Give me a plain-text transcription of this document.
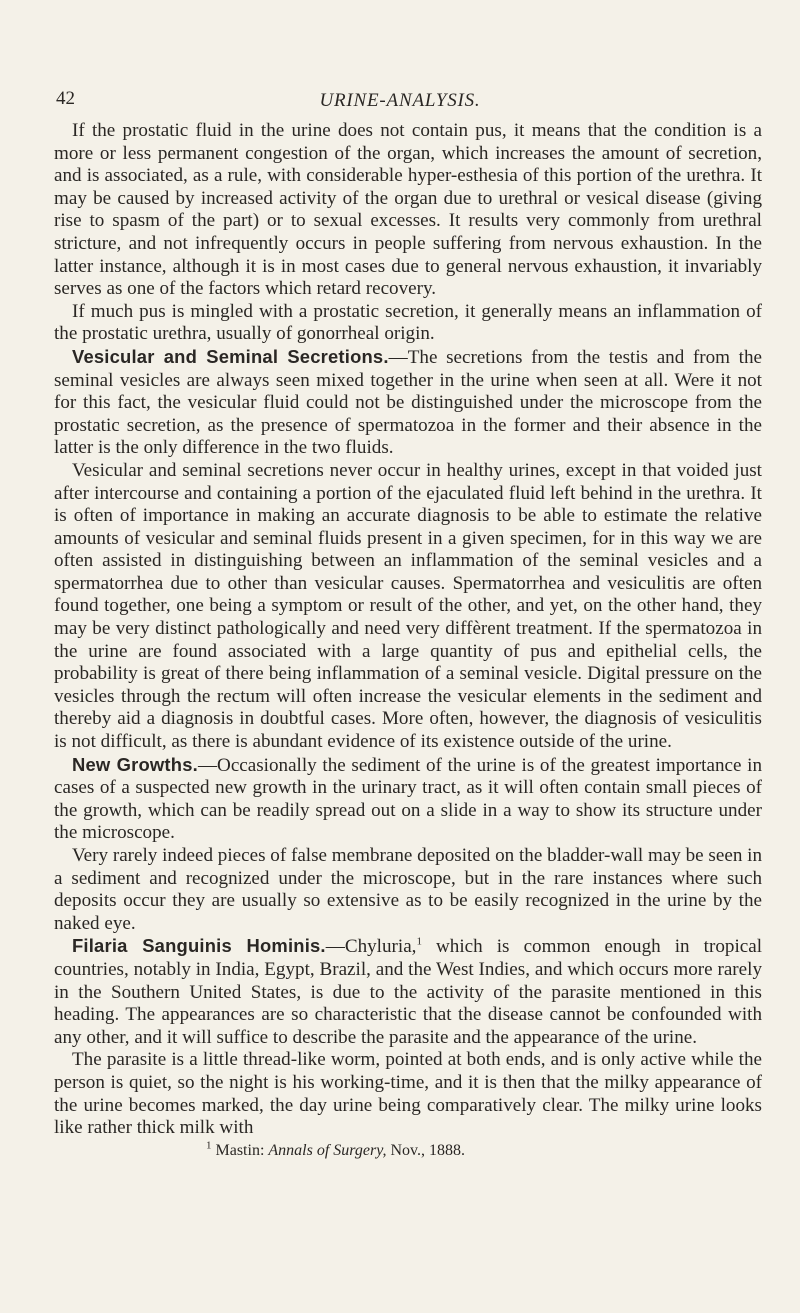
42	URINE-ANALYSIS.

If the prostatic fluid in the urine does not contain pus, it means that the condition is a more or less permanent congestion of the organ, which increases the amount of secretion, and is associated, as a rule, with considerable hyper-esthesia of this portion of the urethra. It may be caused by increased activity of the organ due to urethral or vesical disease (giving rise to spasm of the part) or to sexual excesses. It results very commonly from urethral stricture, and not infrequently occurs in people suffering from nervous exhaustion. In the latter instance, although it is in most cases due to general nervous exhaustion, it invariably serves as one of the factors which retard recovery.

If much pus is mingled with a prostatic secretion, it generally means an inflammation of the prostatic urethra, usually of gonorrheal origin.

Vesicular and Seminal Secretions.—The secretions from the testis and from the seminal vesicles are always seen mixed together in the urine when seen at all. Were it not for this fact, the vesicular fluid could not be distinguished under the microscope from the prostatic secretion, as the presence of spermatozoa in the former and their absence in the latter is the only difference in the two fluids.

Vesicular and seminal secretions never occur in healthy urines, except in that voided just after intercourse and containing a portion of the ejaculated fluid left behind in the urethra. It is often of importance in making an accurate diagnosis to be able to estimate the relative amounts of vesicular and seminal fluids present in a given specimen, for in this way we are often assisted in distinguishing between an inflammation of the seminal vesicles and a spermatorrhea due to other than vesicular causes. Spermatorrhea and vesiculitis are often found together, one being a symptom or result of the other, and yet, on the other hand, they may be very distinct pathologically and need very diffѐrent treatment. If the spermatozoa in the urine are found associated with a large quantity of pus and epithelial cells, the probability is great of there being inflammation of a seminal vesicle. Digital pressure on the vesicles through the rectum will often increase the vesicular elements in the sediment and thereby aid a diagnosis in doubtful cases. More often, however, the diagnosis of vesiculitis is not difficult, as there is abundant evidence of its existence outside of the urine.

New Growths.—Occasionally the sediment of the urine is of the greatest importance in cases of a suspected new growth in the urinary tract, as it will often contain small pieces of the growth, which can be readily spread out on a slide in a way to show its structure under the microscope.

Very rarely indeed pieces of false membrane deposited on the bladder-wall may be seen in a sediment and recognized under the microscope, but in the rare instances where such deposits occur they are usually so extensive as to be easily recognized in the urine by the naked eye.

Filaria Sanguinis Hominis.—Chyluria,$^1$ which is common enough in tropical countries, notably in India, Egypt, Brazil, and the West Indies, and which occurs more rarely in the Southern United States, is due to the activity of the parasite mentioned in this heading. The appearances are so characteristic that the disease cannot be confounded with any other, and it will suffice to describe the parasite and the appearance of the urine.

The parasite is a little thread-like worm, pointed at both ends, and is only active while the person is quiet, so the night is his working-time, and it is then that the milky appearance of the urine becomes marked, the day urine being comparatively clear. The milky urine looks like rather thick milk with

$^1$ Mastin: Annals of Surgery, Nov., 1888.
